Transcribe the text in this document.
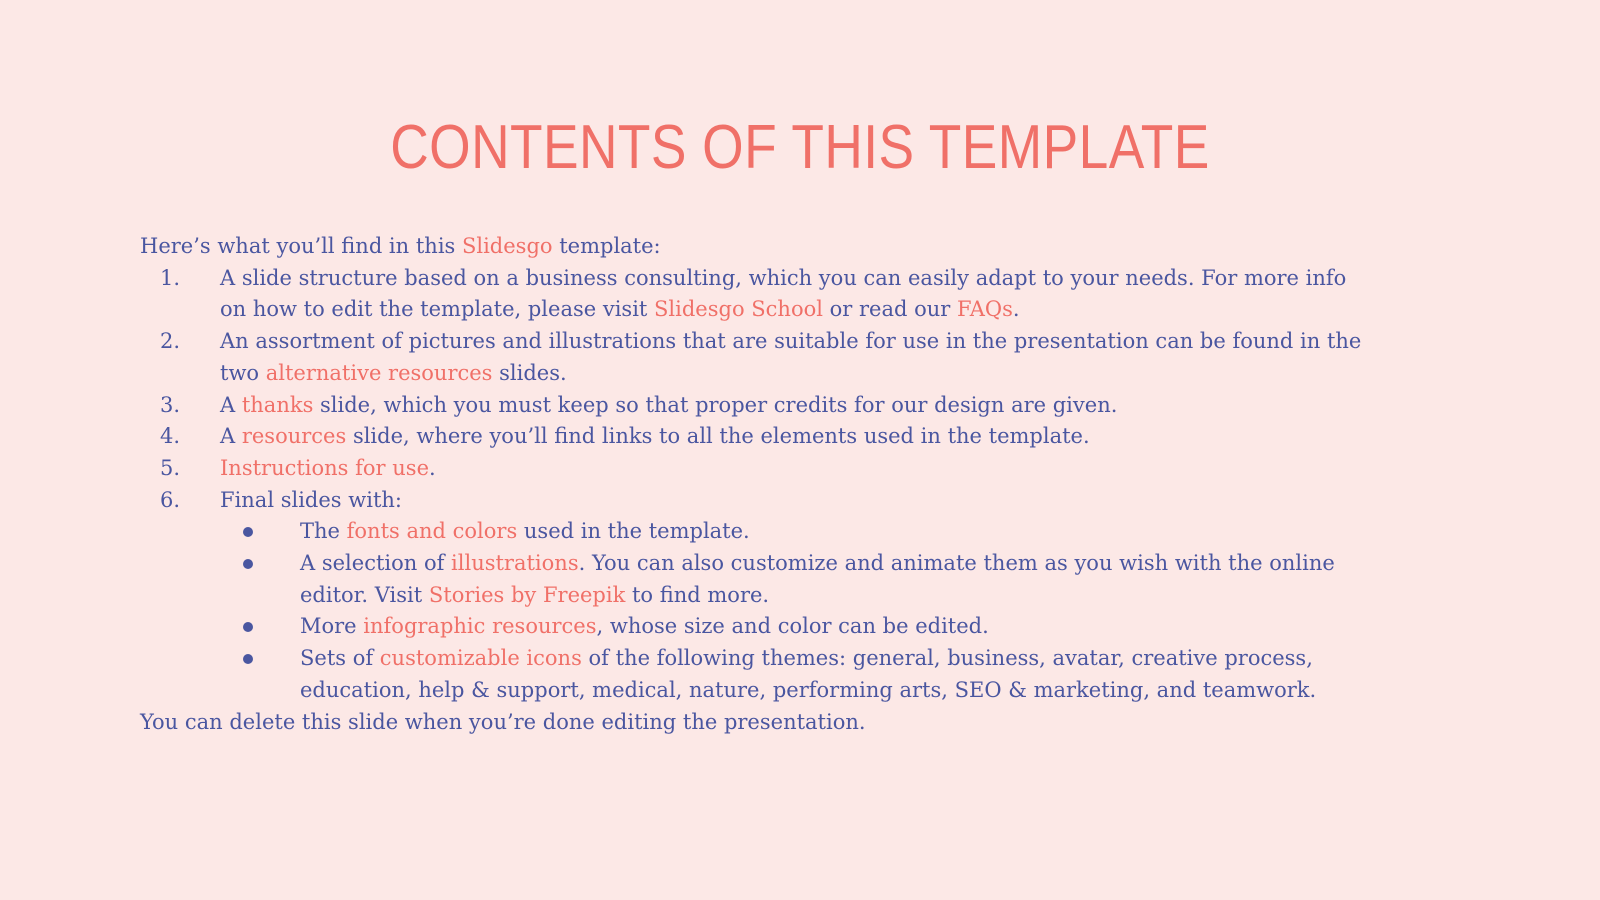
CONTENTS OF THIS TEMPLATE

Here’s what you’ll find in this Slidesgo template:

1. A slide structure based on a business consulting, which you can easily adapt to your needs. For more info

on how to edit the template, please visit Slidesgo School or read our FAQs.

2. An assortment of pictures and illustrations that are suitable for use in the presentation can be found in the

two alternative resources slides.

3. A thanks slide, which you must keep so that proper credits for our design are given.

4. A resources slide, where you’ll find links to all the elements used in the template.

5. Instructions for use.

6. Final slides with:

The fonts and colors used in the template.

A selection of illustrations. You can also customize and animate them as you wish with the online

editor. Visit Stories by Freepik to find more.

More infographic resources, whose size and color can be edited.

Sets of customizable icons of the following themes: general, business, avatar, creative process,

education, help & support, medical, nature, performing arts, SEO & marketing, and teamwork.

You can delete this slide when you’re done editing the presentation.
